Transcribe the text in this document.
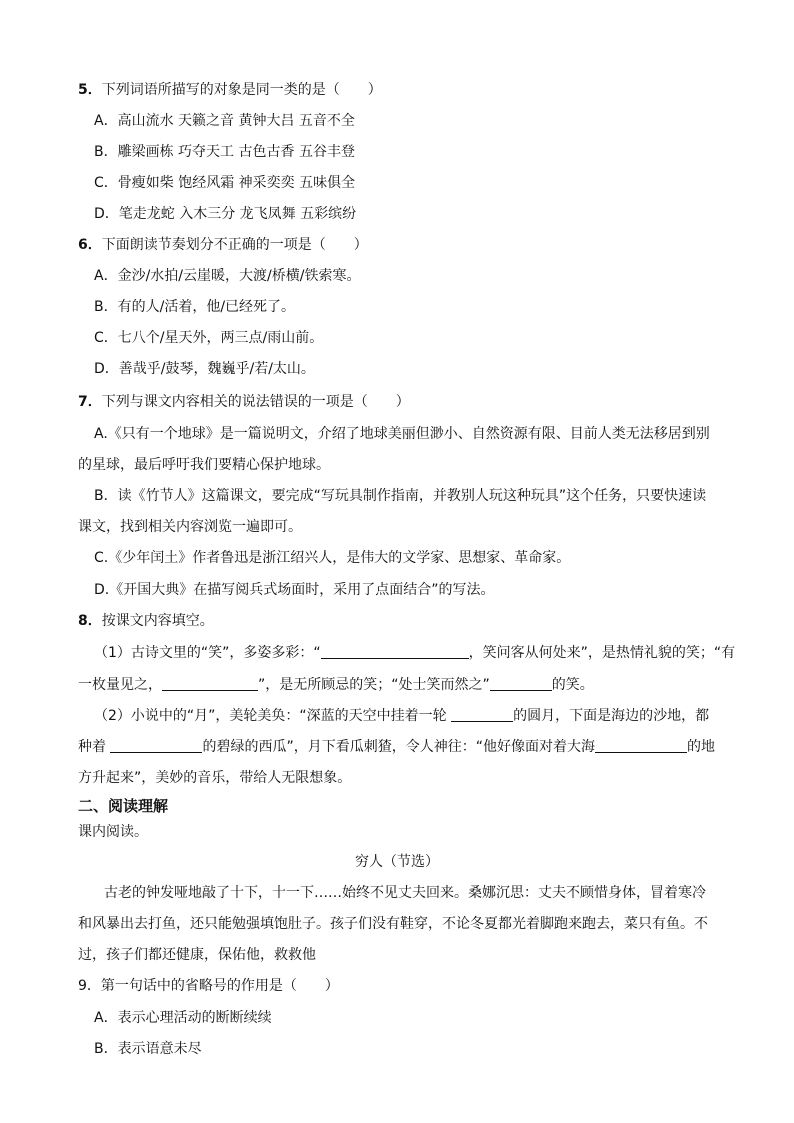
5．下列词语所描写的对象是同一类的是（　　）
A．高山流水 天籁之音 黄钟大吕 五音不全
B．雕梁画栋 巧夺天工 古色古香 五谷丰登
C．骨瘦如柴 饱经风霜 神采奕奕 五味俱全
D．笔走龙蛇 入木三分 龙飞凤舞 五彩缤纷
6．下面朗读节奏划分不正确的一项是（　　）
A．金沙/水拍/云崖暖，大渡/桥横/铁索寒。
B．有的人/活着，他/已经死了。
C．七八个/星天外，两三点/雨山前。
D．善哉乎/鼓琴，魏巍乎/若/太山。
7．下列与课文内容相关的说法错误的一项是（　　）
A.《只有一个地球》是一篇说明文，介绍了地球美丽但渺小、自然资源有限、目前人类无法移居到别
的星球，最后呼吁我们要精心保护地球。
B．读《竹节人》这篇课文，要完成“写玩具制作指南，并教别人玩这种玩具”这个任务，只要快速读
课文，找到相关内容浏览一遍即可。
C.《少年闰土》作者鲁迅是浙江绍兴人，是伟大的文学家、思想家、革命家。
D.《开国大典》在描写阅兵式场面时，采用了点面结合”的写法。
8．按课文内容填空。
（1）古诗文里的“笑”，多姿多彩：“	，笑问客从何处来”，是热情礼貌的笑；“有
一枚量见之，	”，是无所顾忌的笑；“处士笑而然之”	的笑。
（2）小说中的“月”，美轮美奂：“深蓝的天空中挂着一轮	的圆月，下面是海边的沙地，都
种着	的碧绿的西瓜”，月下看瓜刺猹，令人神往：“他好像面对着大海	的地
方升起来”，美妙的音乐，带给人无限想象。
二、阅读理解
课内阅读。
穷人（节选）
古老的钟发哑地敲了十下，十一下……始终不见丈夫回来。桑娜沉思：丈夫不顾惜身体，冒着寒冷
和风暴出去打鱼，还只能勉强填饱肚子。孩子们没有鞋穿，不论冬夏都光着脚跑来跑去，菜只有鱼。不
过，孩子们都还健康，保佑他，救救他
9．第一句话中的省略号的作用是（　　）
A．表示心理活动的断断续续
B．表示语意未尽
